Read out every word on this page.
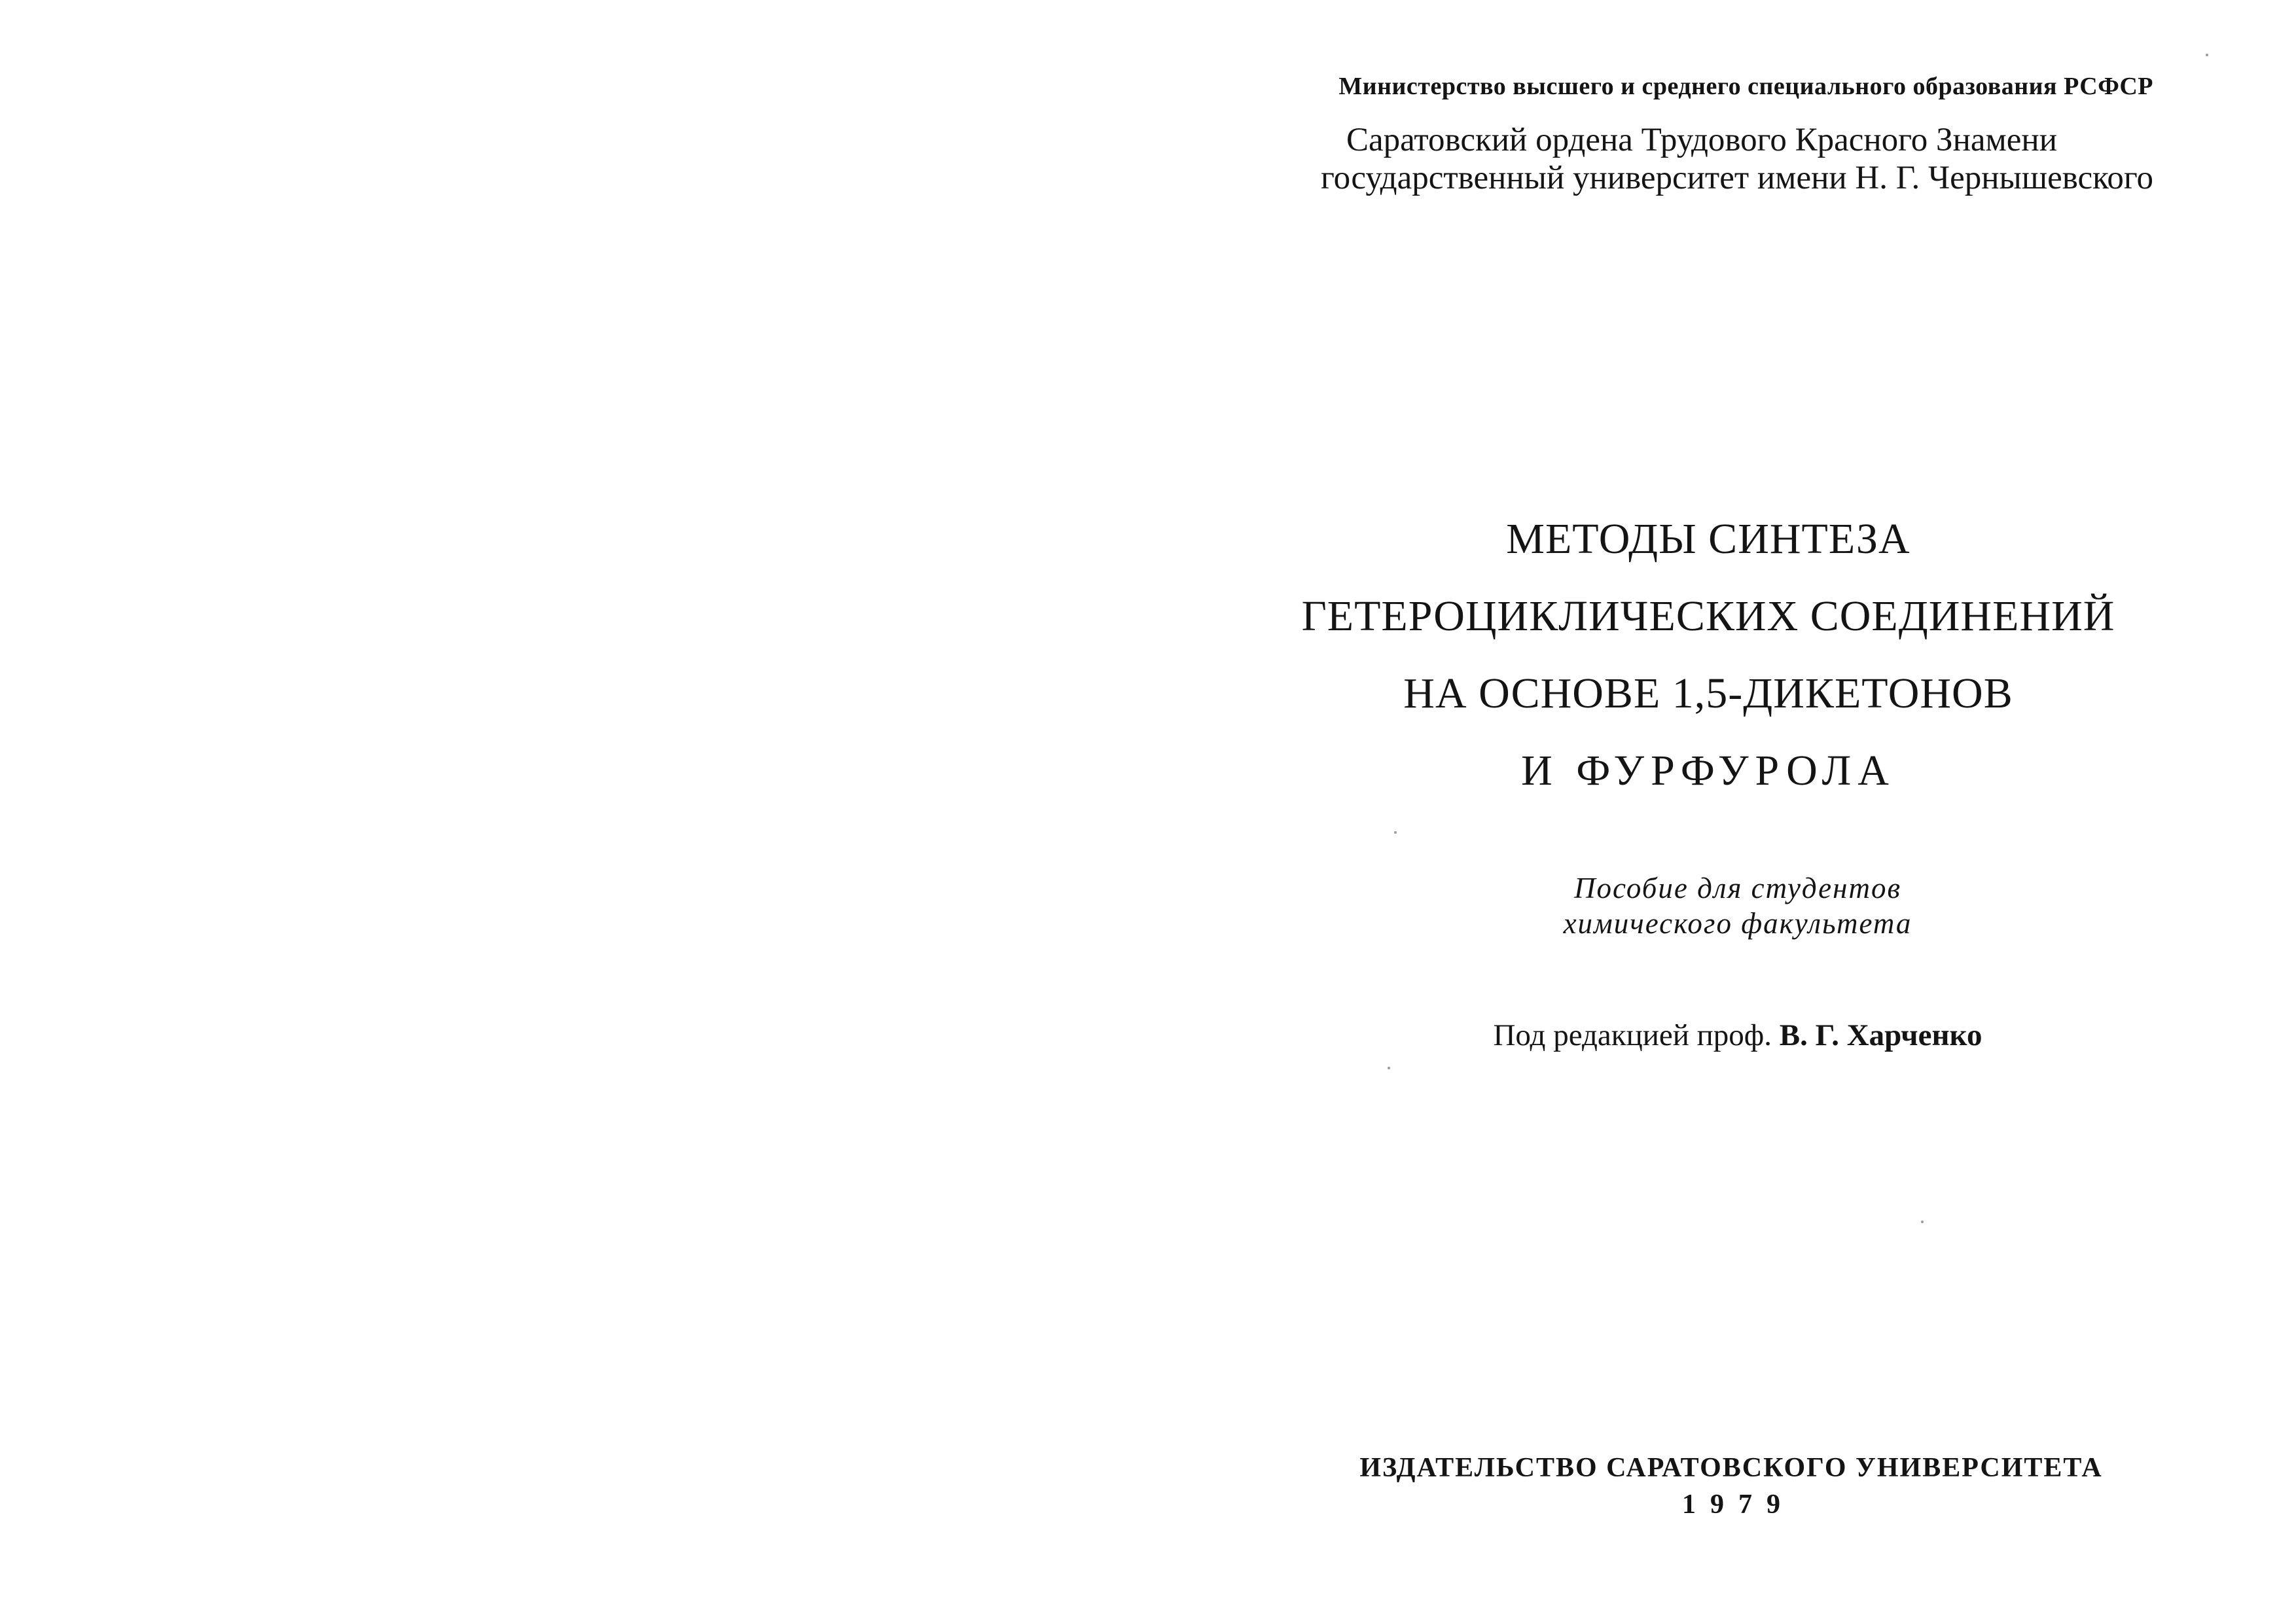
Министерство высшего и среднего специального образования РСФСР
Саратовский ордена Трудового Красного Знамени
государственный университет имени Н. Г. Чернышевского
МЕТОДЫ СИНТЕЗА
ГЕТЕРОЦИКЛИЧЕСКИХ СОЕДИНЕНИЙ
НА ОСНОВЕ 1,5-ДИКЕТОНОВ
И ФУРФУРОЛА
Пособие для студентов
химического факультета
Под редакцией проф. В. Г. Харченко
ИЗДАТЕЛЬСТВО САРАТОВСКОГО УНИВЕРСИТЕТА
1979
